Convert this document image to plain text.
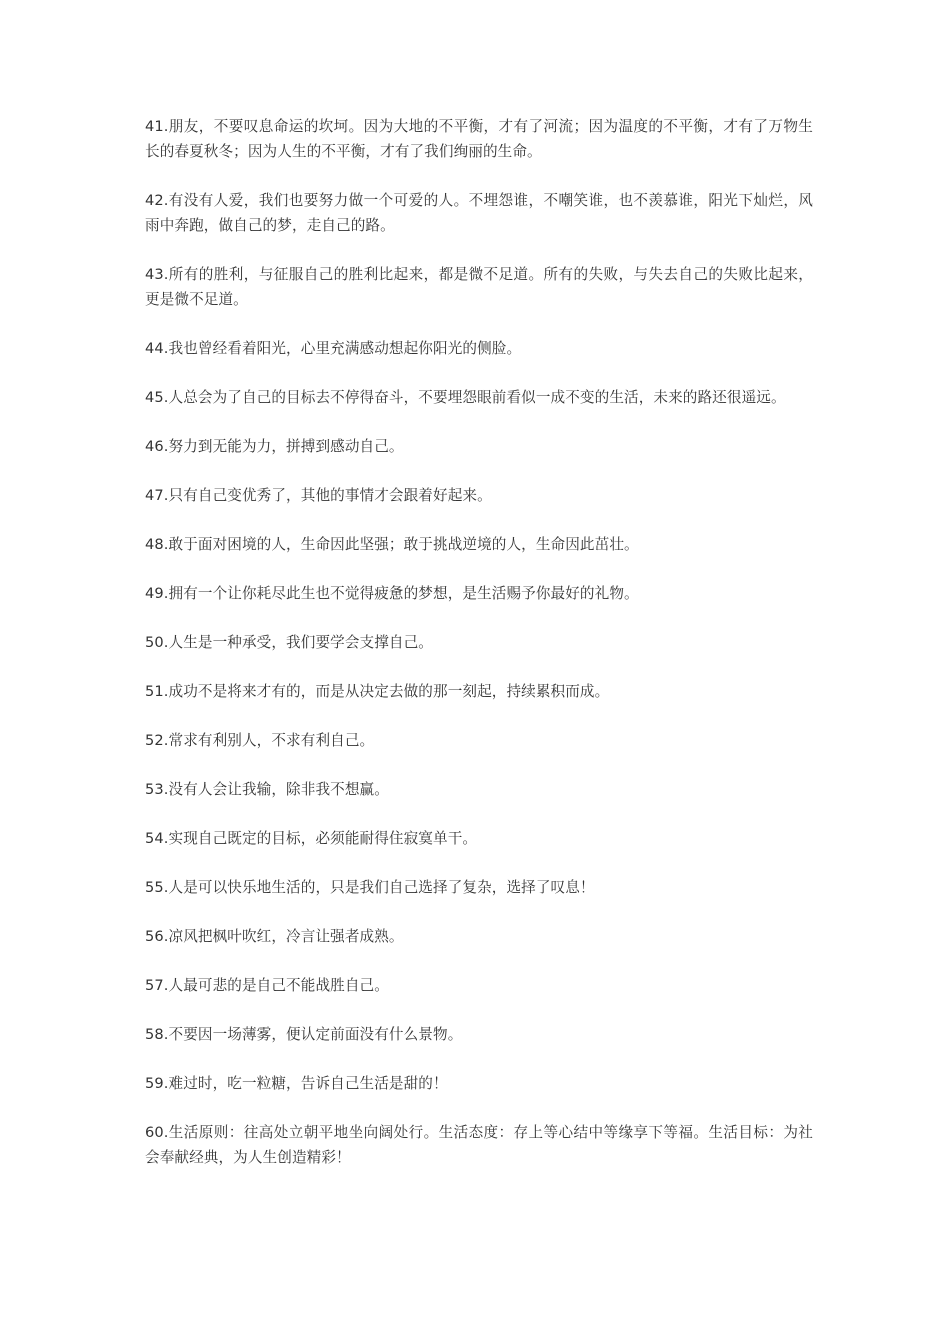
41.朋友，不要叹息命运的坎坷。因为大地的不平衡，才有了河流；因为温度的不平衡，才有了万物生长的春夏秋冬；因为人生的不平衡，才有了我们绚丽的生命。

42.有没有人爱，我们也要努力做一个可爱的人。不埋怨谁，不嘲笑谁，也不羡慕谁，阳光下灿烂，风雨中奔跑，做自己的梦，走自己的路。

43.所有的胜利，与征服自己的胜利比起来，都是微不足道。所有的失败，与失去自己的失败比起来，更是微不足道。

44.我也曾经看着阳光，心里充满感动想起你阳光的侧脸。

45.人总会为了自己的目标去不停得奋斗，不要埋怨眼前看似一成不变的生活，未来的路还很遥远。

46.努力到无能为力，拼搏到感动自己。

47.只有自己变优秀了，其他的事情才会跟着好起来。

48.敢于面对困境的人，生命因此坚强；敢于挑战逆境的人，生命因此茁壮。

49.拥有一个让你耗尽此生也不觉得疲惫的梦想，是生活赐予你最好的礼物。

50.人生是一种承受，我们要学会支撑自己。

51.成功不是将来才有的，而是从决定去做的那一刻起，持续累积而成。

52.常求有利别人，不求有利自己。

53.没有人会让我输，除非我不想赢。

54.实现自己既定的目标，必须能耐得住寂寞单干。

55.人是可以快乐地生活的，只是我们自己选择了复杂，选择了叹息！

56.凉风把枫叶吹红，冷言让强者成熟。

57.人最可悲的是自己不能战胜自己。

58.不要因一场薄雾，便认定前面没有什么景物。

59.难过时，吃一粒糖，告诉自己生活是甜的！

60.生活原则：往高处立朝平地坐向阔处行。生活态度：存上等心结中等缘享下等福。生活目标：为社会奉献经典，为人生创造精彩！
